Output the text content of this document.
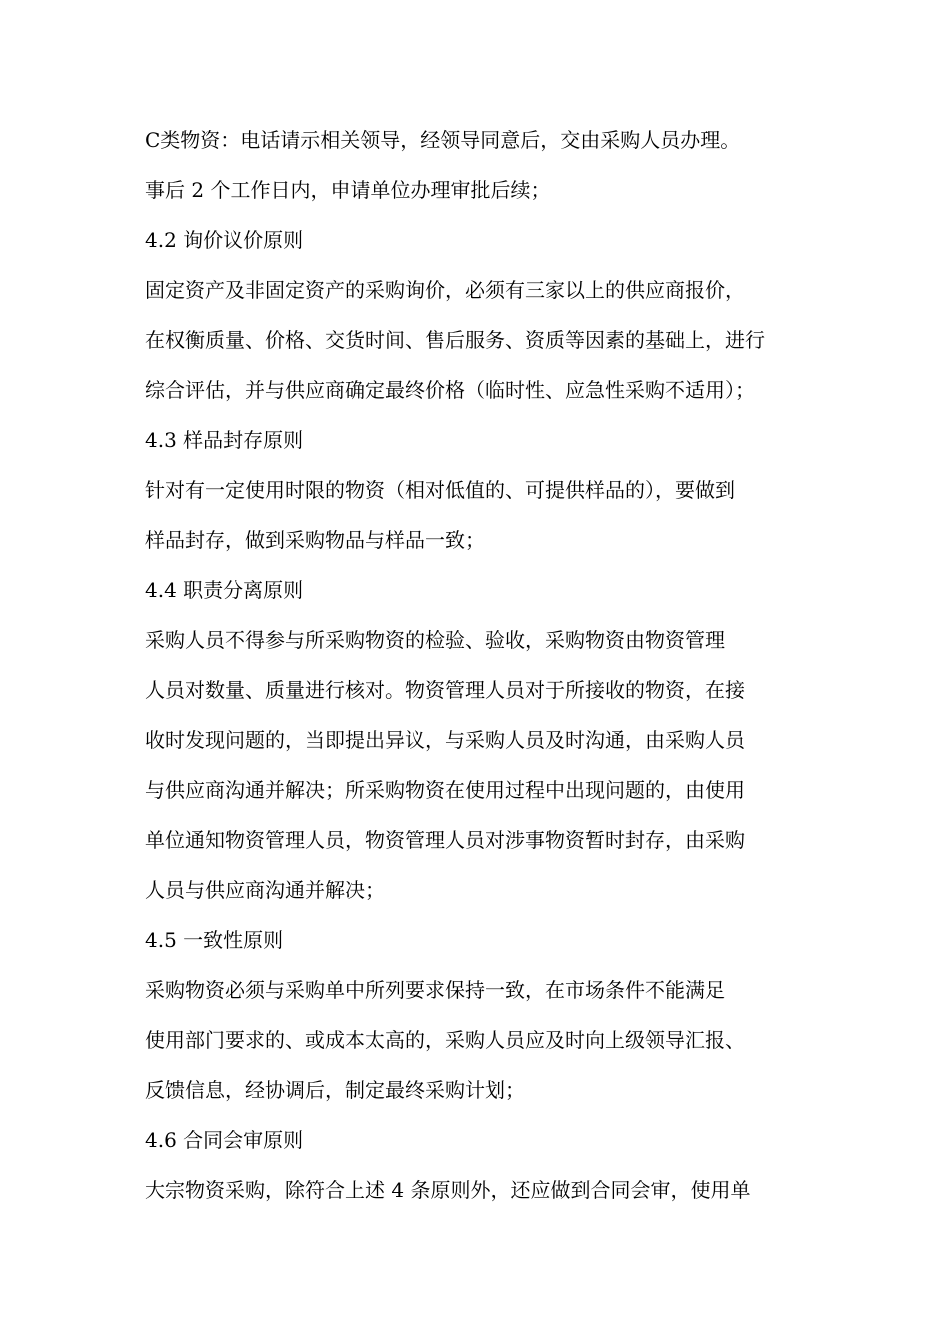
C类物资：电话请示相关领导，经领导同意后，交由采购人员办理。
事后 2 个工作日内，申请单位办理审批后续；
4.2 询价议价原则
固定资产及非固定资产的采购询价，必须有三家以上的供应商报价，
在权衡质量、价格、交货时间、售后服务、资质等因素的基础上，进行
综合评估，并与供应商确定最终价格（临时性、应急性采购不适用）；
4.3 样品封存原则
针对有一定使用时限的物资（相对低值的、可提供样品的），要做到
样品封存，做到采购物品与样品一致；
4.4 职责分离原则
采购人员不得参与所采购物资的检验、验收，采购物资由物资管理
人员对数量、质量进行核对。物资管理人员对于所接收的物资，在接
收时发现问题的，当即提出异议，与采购人员及时沟通，由采购人员
与供应商沟通并解决；所采购物资在使用过程中出现问题的，由使用
单位通知物资管理人员，物资管理人员对涉事物资暂时封存，由采购
人员与供应商沟通并解决；
4.5 一致性原则
采购物资必须与采购单中所列要求保持一致，在市场条件不能满足
使用部门要求的、或成本太高的，采购人员应及时向上级领导汇报、
反馈信息，经协调后，制定最终采购计划；
4.6 合同会审原则
大宗物资采购，除符合上述 4 条原则外，还应做到合同会审，使用单
